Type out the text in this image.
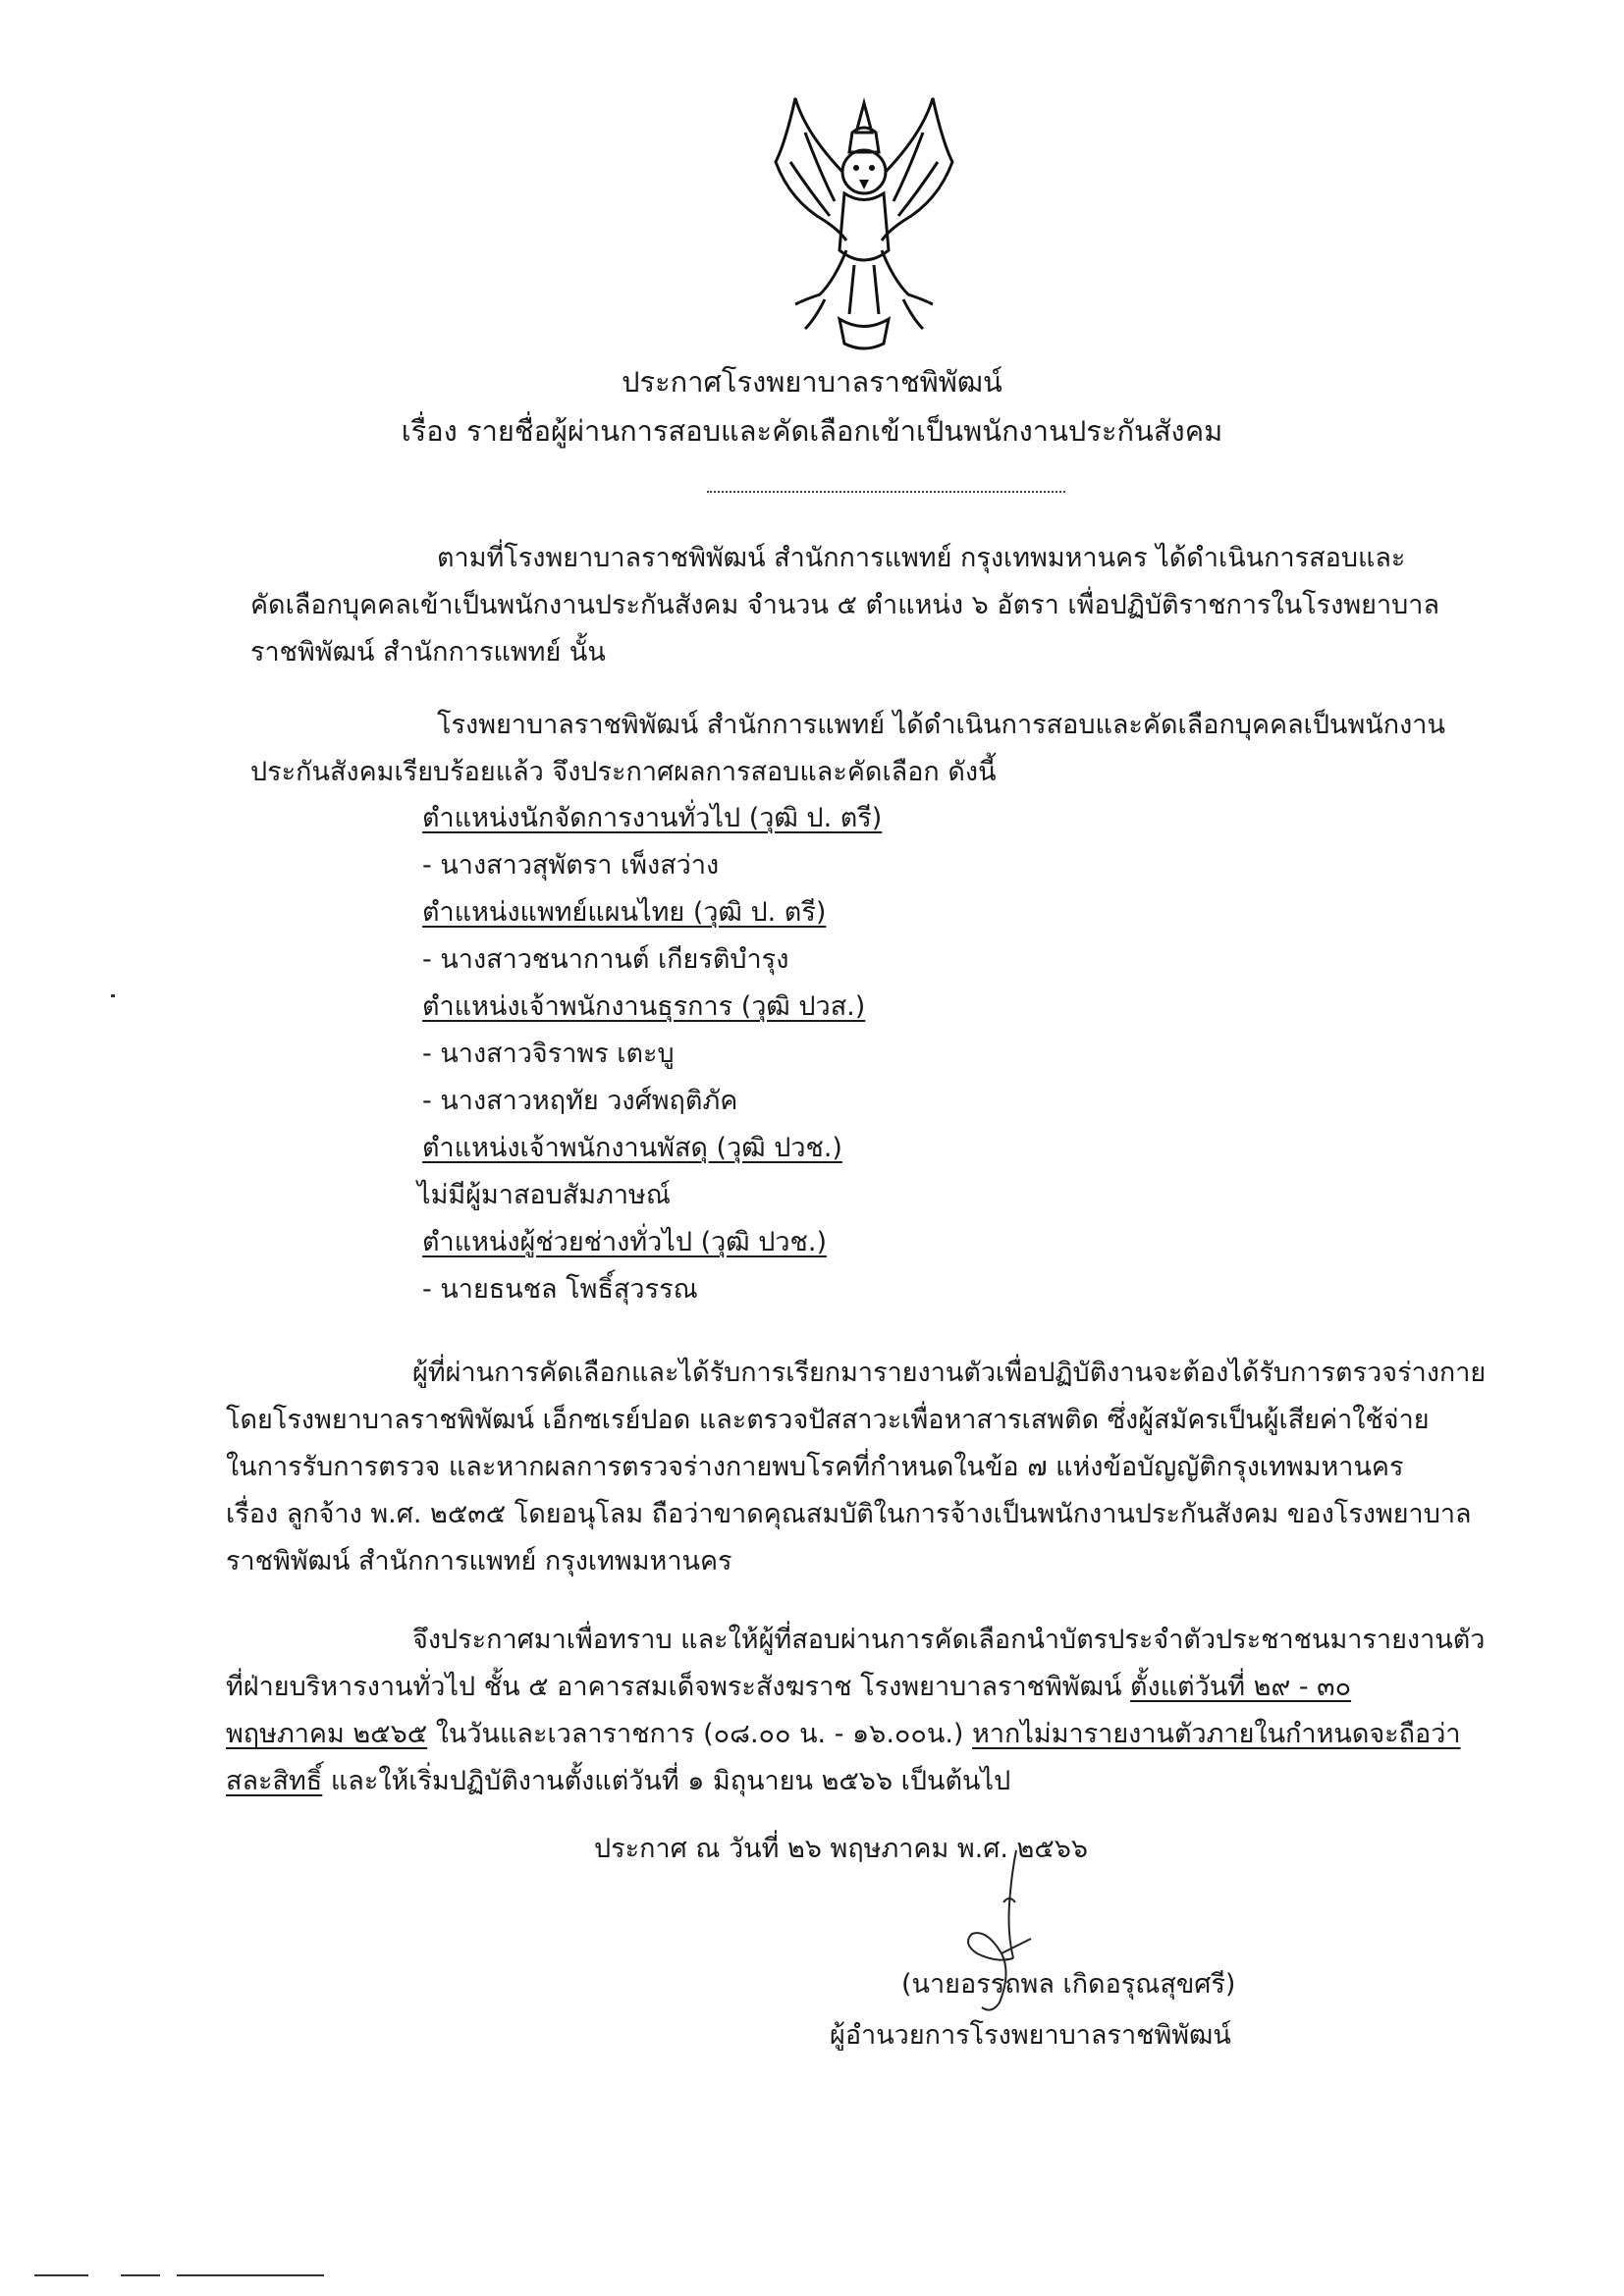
ประกาศโรงพยาบาลราชพิพัฒน์
เรื่อง รายชื่อผู้ผ่านการสอบและคัดเลือกเข้าเป็นพนักงานประกันสังคม
ตามที่โรงพยาบาลราชพิพัฒน์ สำนักการแพทย์ กรุงเทพมหานคร ได้ดำเนินการสอบและ
คัดเลือกบุคคลเข้าเป็นพนักงานประกันสังคม จำนวน ๕ ตำแหน่ง ๖ อัตรา เพื่อปฏิบัติราชการในโรงพยาบาล
ราชพิพัฒน์ สำนักการแพทย์ นั้น
โรงพยาบาลราชพิพัฒน์ สำนักการแพทย์ ได้ดำเนินการสอบและคัดเลือกบุคคลเป็นพนักงาน
ประกันสังคมเรียบร้อยแล้ว จึงประกาศผลการสอบและคัดเลือก ดังนี้
ตำแหน่งนักจัดการงานทั่วไป (วุฒิ ป. ตรี)
- นางสาวสุพัตรา เพ็งสว่าง
ตำแหน่งแพทย์แผนไทย (วุฒิ ป. ตรี)
- นางสาวชนากานต์ เกียรติบำรุง
ตำแหน่งเจ้าพนักงานธุรการ (วุฒิ ปวส.)
- นางสาวจิราพร เตะบู
- นางสาวหฤทัย วงศ์พฤติภัค
ตำแหน่งเจ้าพนักงานพัสดุ (วุฒิ ปวช.)
ไม่มีผู้มาสอบสัมภาษณ์
ตำแหน่งผู้ช่วยช่างทั่วไป (วุฒิ ปวช.)
- นายธนชล โพธิ์สุวรรณ
ผู้ที่ผ่านการคัดเลือกและได้รับการเรียกมารายงานตัวเพื่อปฏิบัติงานจะต้องได้รับการตรวจร่างกาย
โดยโรงพยาบาลราชพิพัฒน์ เอ็กซเรย์ปอด และตรวจปัสสาวะเพื่อหาสารเสพติด ซึ่งผู้สมัครเป็นผู้เสียค่าใช้จ่าย
ในการรับการตรวจ และหากผลการตรวจร่างกายพบโรคที่กำหนดในข้อ ๗ แห่งข้อบัญญัติกรุงเทพมหานคร
เรื่อง ลูกจ้าง พ.ศ. ๒๕๓๕ โดยอนุโลม ถือว่าขาดคุณสมบัติในการจ้างเป็นพนักงานประกันสังคม ของโรงพยาบาล
ราชพิพัฒน์ สำนักการแพทย์ กรุงเทพมหานคร
จึงประกาศมาเพื่อทราบ และให้ผู้ที่สอบผ่านการคัดเลือกนำบัตรประจำตัวประชาชนมารายงานตัว
ที่ฝ่ายบริหารงานทั่วไป ชั้น ๕ อาคารสมเด็จพระสังฆราช โรงพยาบาลราชพิพัฒน์ ตั้งแต่วันที่ ๒๙ - ๓๐
พฤษภาคม ๒๕๖๕ ในวันและเวลาราชการ (๐๘.๐๐ น. - ๑๖.๐๐น.) หากไม่มารายงานตัวภายในกำหนดจะถือว่า
สละสิทธิ์ และให้เริ่มปฏิบัติงานตั้งแต่วันที่ ๑ มิถุนายน ๒๕๖๖ เป็นต้นไป
ประกาศ ณ วันที่ ๒๖ พฤษภาคม พ.ศ. ๒๕๖๖
(นายอรรถพล เกิดอรุณสุขศรี)
ผู้อำนวยการโรงพยาบาลราชพิพัฒน์
